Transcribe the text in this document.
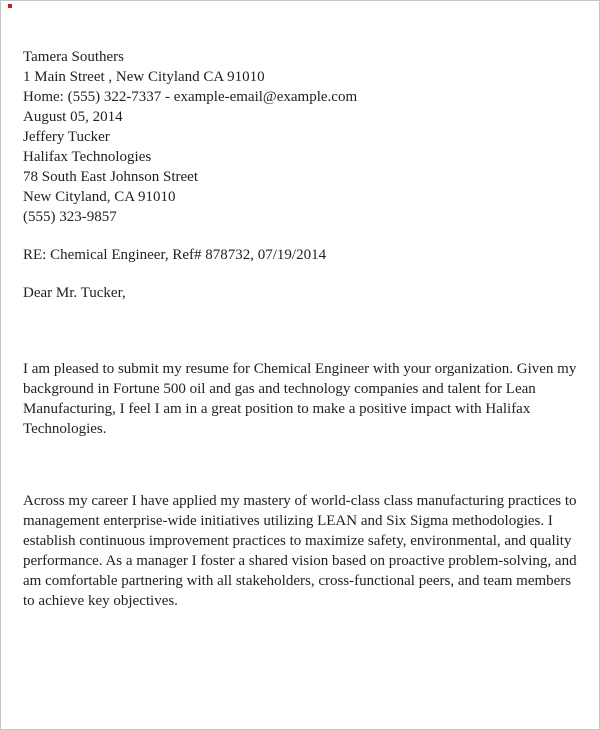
Tamera Southers
1 Main Street , New Cityland CA 91010
Home: (555) 322-7337 - example-email@example.com
August 05, 2014
Jeffery Tucker
Halifax Technologies
78 South East Johnson Street
New Cityland, CA 91010
(555) 323-9857
RE: Chemical Engineer, Ref# 878732, 07/19/2014
Dear Mr. Tucker,

I am pleased to submit my resume for Chemical Engineer with your organization. Given my background in Fortune 500 oil and gas and technology companies and talent for Lean Manufacturing, I feel I am in a great position to make a positive impact with Halifax Technologies.

Across my career I have applied my mastery of world-class class manufacturing practices to management enterprise-wide initiatives utilizing LEAN and Six Sigma methodologies. I establish continuous improvement practices to maximize safety, environmental, and quality performance. As a manager I foster a shared vision based on proactive problem-solving, and am comfortable partnering with all stakeholders, cross-functional peers, and team members to achieve key objectives.
